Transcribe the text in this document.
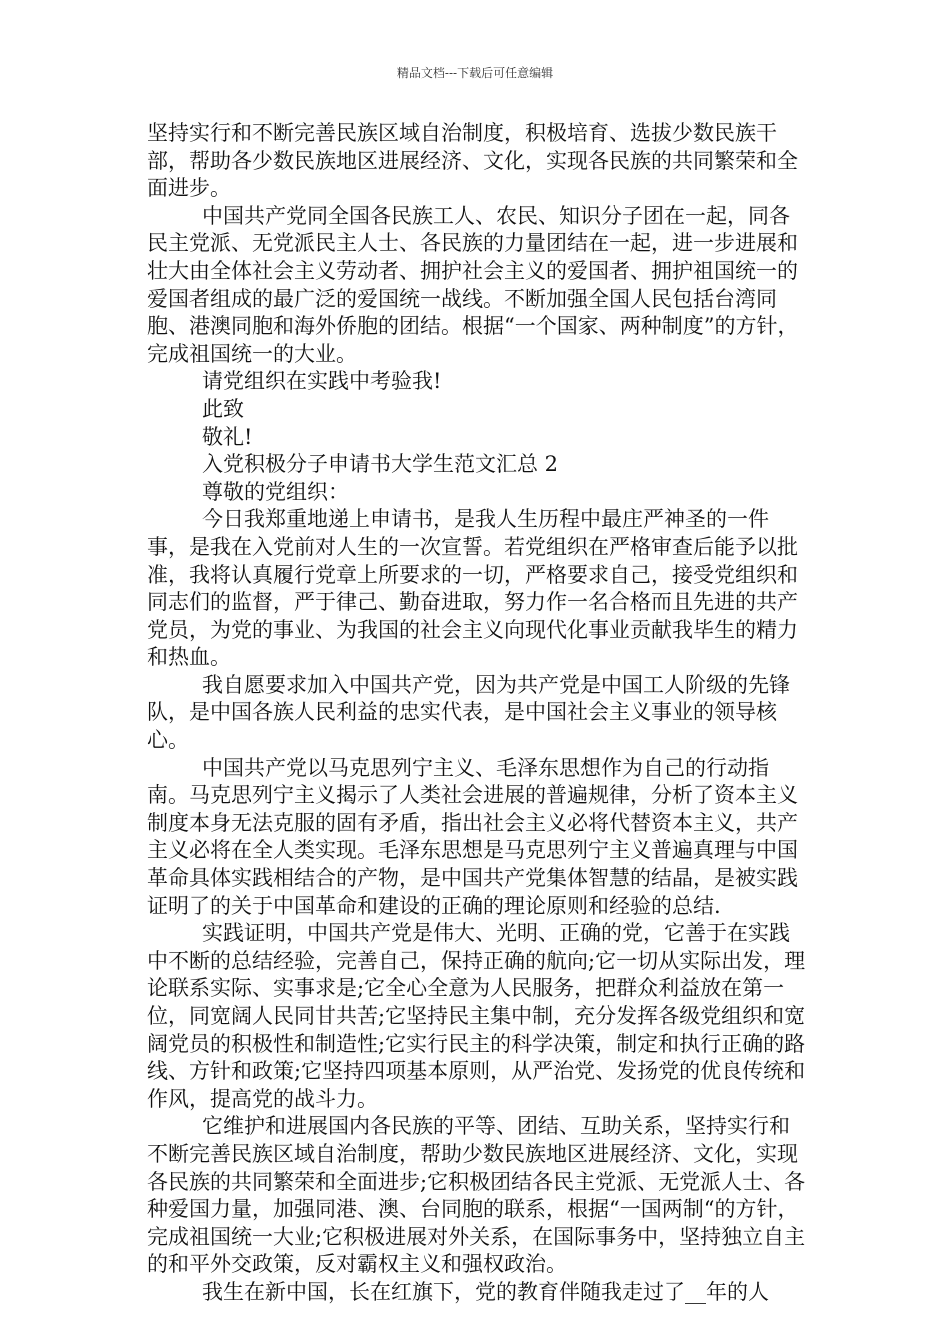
精品文档---下载后可任意编辑

坚持实行和不断完善民族区域自治制度，积极培育、选拔少数民族干部，帮助各少数民族地区进展经济、文化，实现各民族的共同繁荣和全面进步。

中国共产党同全国各民族工人、农民、知识分子团在一起，同各民主党派、无党派民主人士、各民族的力量团结在一起，进一步进展和壮大由全体社会主义劳动者、拥护社会主义的爱国者、拥护祖国统一的爱国者组成的最广泛的爱国统一战线。不断加强全国人民包括台湾同胞、港澳同胞和海外侨胞的团结。根据“一个国家、两种制度”的方针，完成祖国统一的大业。

请党组织在实践中考验我!

此致

敬礼!

入党积极分子申请书大学生范文汇总 2

尊敬的党组织：

今日我郑重地递上申请书，是我人生历程中最庄严神圣的一件事，是我在入党前对人生的一次宣誓。若党组织在严格审查后能予以批准，我将认真履行党章上所要求的一切，严格要求自己，接受党组织和同志们的监督，严于律己、勤奋进取，努力作一名合格而且先进的共产党员，为党的事业、为我国的社会主义向现代化事业贡献我毕生的精力和热血。

我自愿要求加入中国共产党，因为共产党是中国工人阶级的先锋队，是中国各族人民利益的忠实代表，是中国社会主义事业的领导核心。

中国共产党以马克思列宁主义、毛泽东思想作为自己的行动指南。马克思列宁主义揭示了人类社会进展的普遍规律，分析了资本主义制度本身无法克服的固有矛盾，指出社会主义必将代替资本主义，共产主义必将在全人类实现。毛泽东思想是马克思列宁主义普遍真理与中国革命具体实践相结合的产物，是中国共产党集体智慧的结晶，是被实践证明了的关于中国革命和建设的正确的理论原则和经验的总结.

实践证明，中国共产党是伟大、光明、正确的党，它善于在实践中不断的总结经验，完善自己，保持正确的航向;它一切从实际出发，理论联系实际、实事求是;它全心全意为人民服务，把群众利益放在第一位，同宽阔人民同甘共苦;它坚持民主集中制，充分发挥各级党组织和宽阔党员的积极性和制造性;它实行民主的科学决策，制定和执行正确的路线、方针和政策;它坚持四项基本原则，从严治党、发扬党的优良传统和作风，提高党的战斗力。

它维护和进展国内各民族的平等、团结、互助关系，坚持实行和不断完善民族区域自治制度，帮助少数民族地区进展经济、文化，实现各民族的共同繁荣和全面进步;它积极团结各民主党派、无党派人士、各种爱国力量，加强同港、澳、台同胞的联系，根据“一国两制“的方针，完成祖国统一大业;它积极进展对外关系，在国际事务中，坚持独立自主的和平外交政策，反对霸权主义和强权政治。

我生在新中国，长在红旗下，党的教育伴随我走过了__年的人
